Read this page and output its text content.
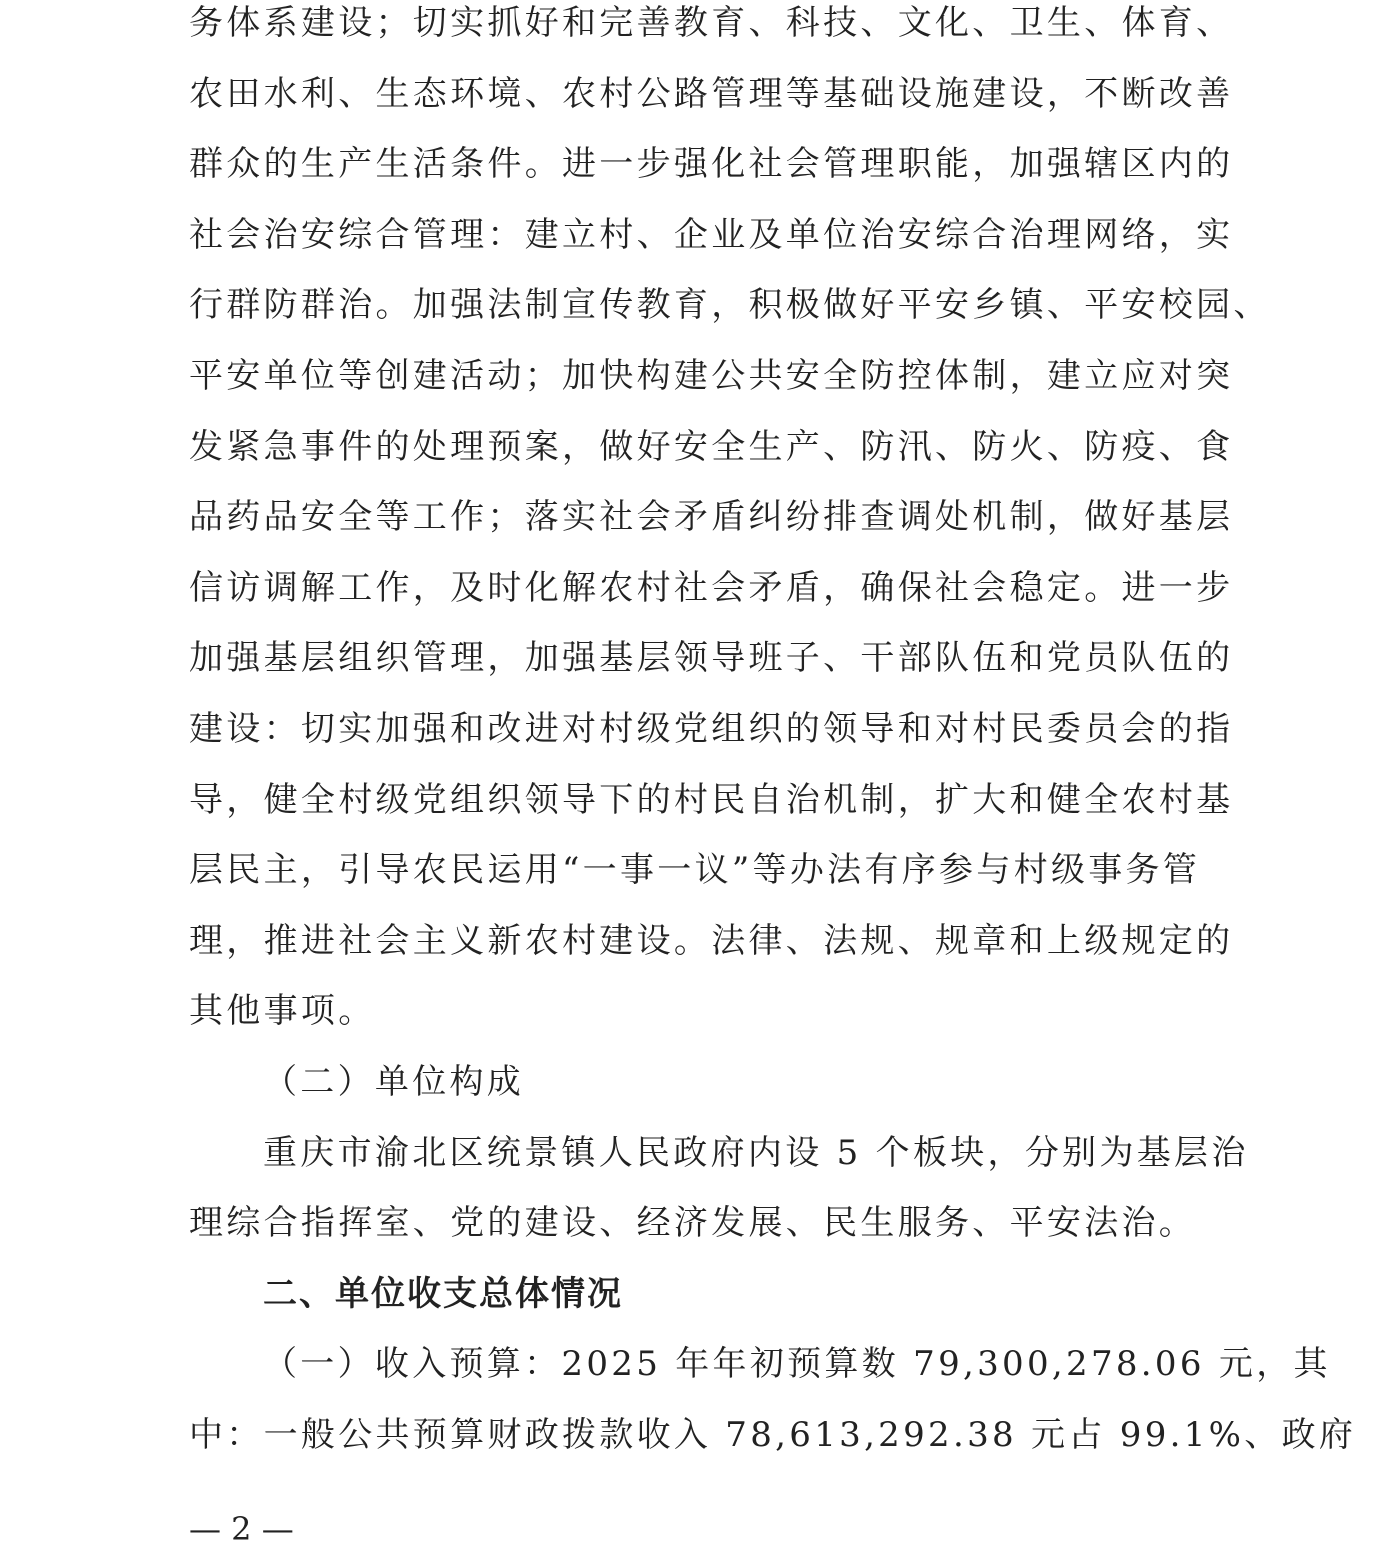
务体系建设；切实抓好和完善教育、科技、文化、卫生、体育、
农田水利、生态环境、农村公路管理等基础设施建设，不断改善
群众的生产生活条件。进一步强化社会管理职能，加强辖区内的
社会治安综合管理：建立村、企业及单位治安综合治理网络，实
行群防群治。加强法制宣传教育，积极做好平安乡镇、平安校园、
平安单位等创建活动；加快构建公共安全防控体制，建立应对突
发紧急事件的处理预案，做好安全生产、防汛、防火、防疫、食
品药品安全等工作；落实社会矛盾纠纷排查调处机制，做好基层
信访调解工作，及时化解农村社会矛盾，确保社会稳定。进一步
加强基层组织管理，加强基层领导班子、干部队伍和党员队伍的
建设：切实加强和改进对村级党组织的领导和对村民委员会的指
导，健全村级党组织领导下的村民自治机制，扩大和健全农村基
层民主，引导农民运用“一事一议”等办法有序参与村级事务管
理，推进社会主义新农村建设。法律、法规、规章和上级规定的
其他事项。
（二）单位构成
重庆市渝北区统景镇人民政府内设 5 个板块，分别为基层治
理综合指挥室、党的建设、经济发展、民生服务、平安法治。
二、单位收支总体情况
（一）收入预算：2025 年年初预算数 79,300,278.06 元，其
中：一般公共预算财政拨款收入 78,613,292.38 元占 99.1%、政府
— 2 —
